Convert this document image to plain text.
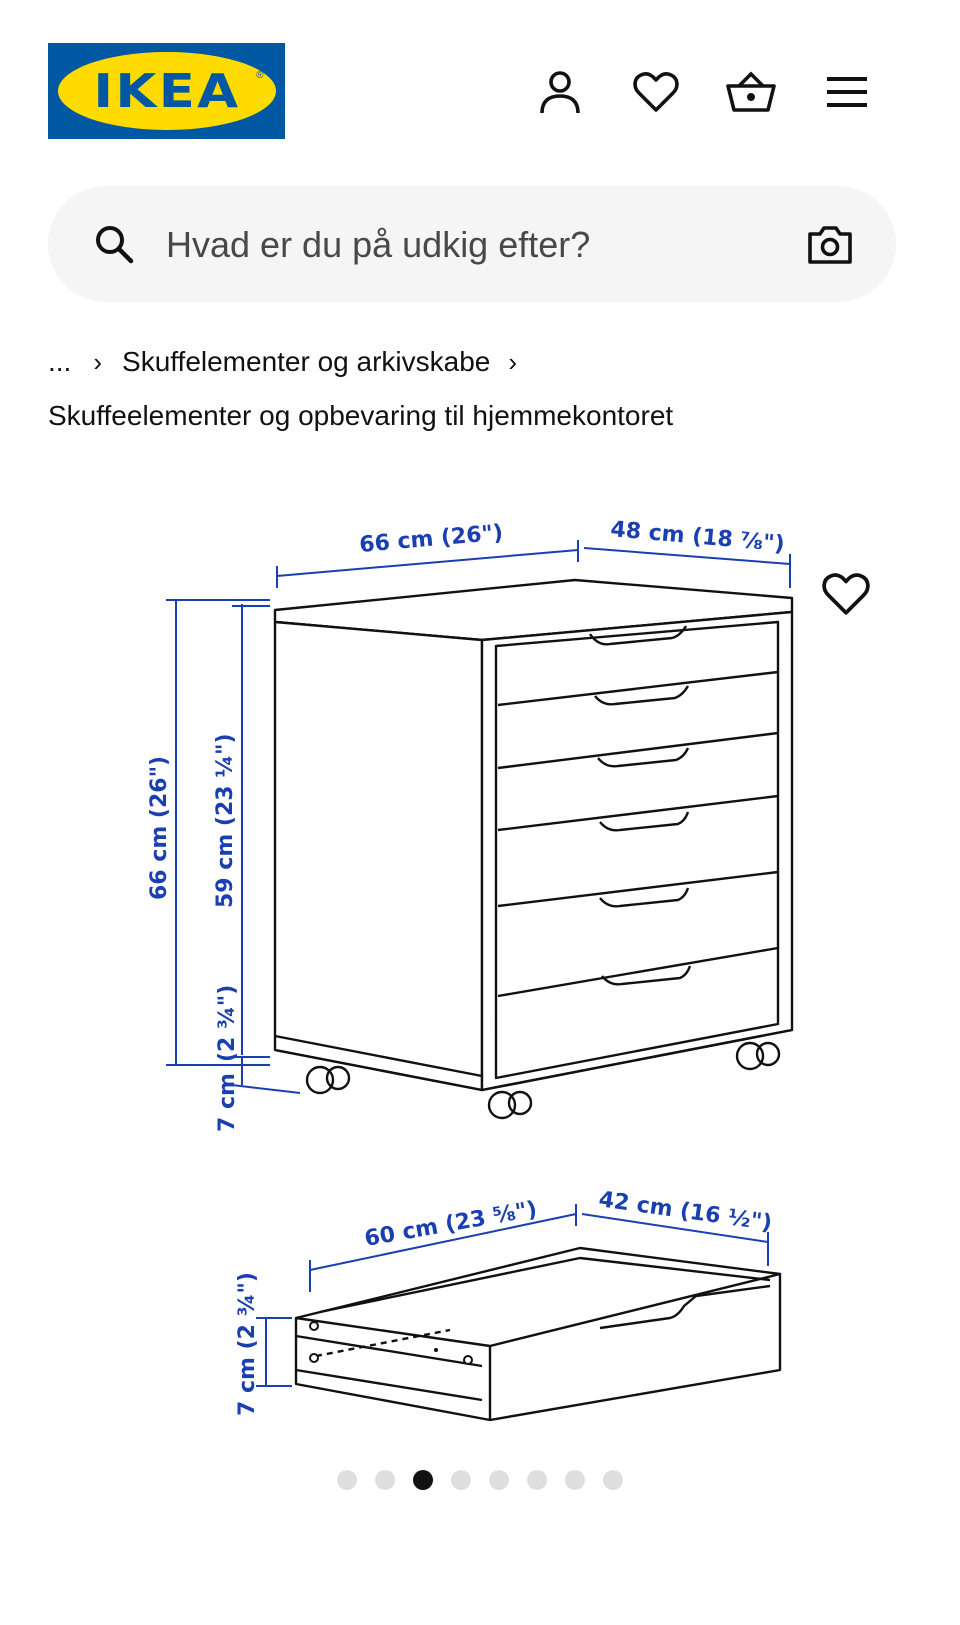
IKEA ®
Hvad er du på udkig efter?
... › Skuffelementer og arkivskabe ›
Skuffeelementer og opbevaring til hjemmekontoret
66 cm (26")	48 cm (18 ⅞")
66 cm (26") 59 cm (23 ¼")
(2 ¾")
7 cm
60 cm (23 ⅝")	42 cm (16 ½")
7 cm (2 ¾")
